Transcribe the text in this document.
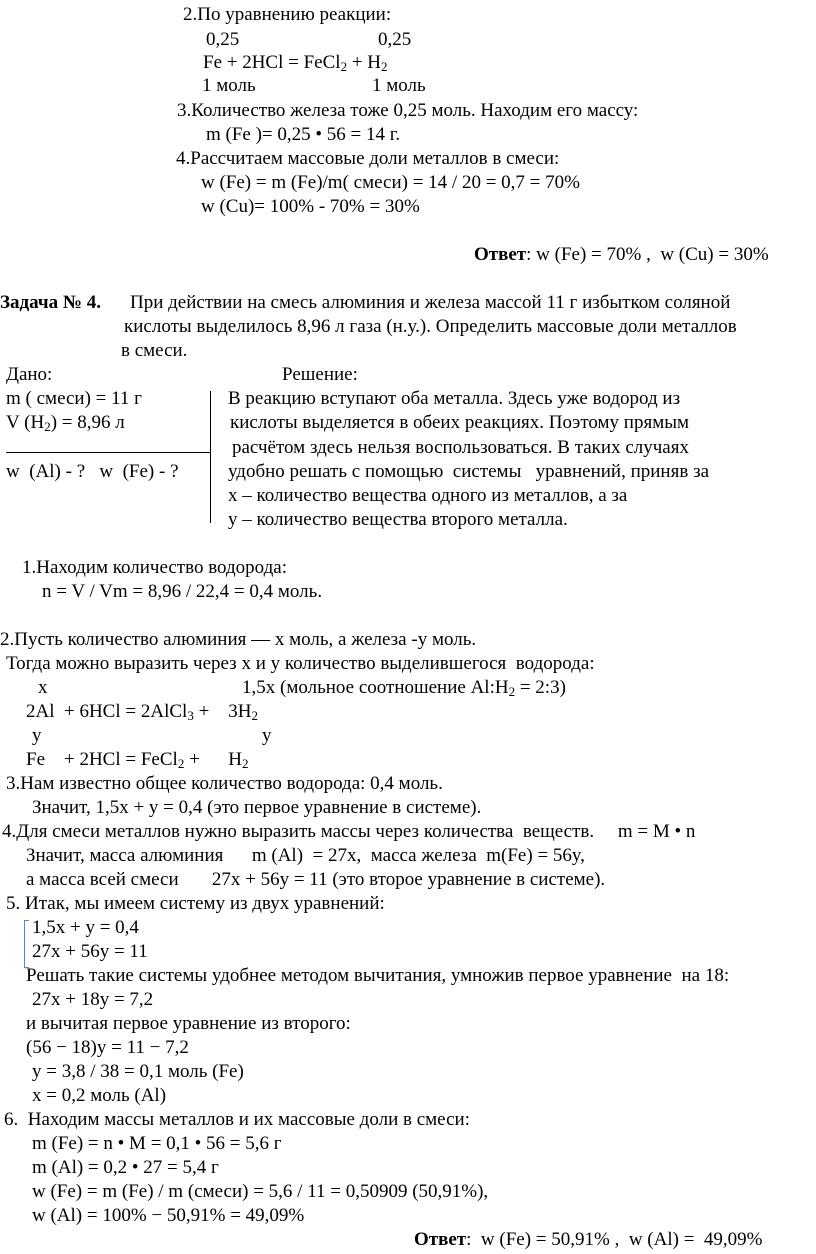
2.По уравнению реакции:
0,25	0,25
Fe + 2HCl = FeCl$_2$ + $H_2$
1 моль	1 моль
3.Количество железа тоже 0,25 моль. Находим его массу:
m (Fe )= 0,25 • 56 = 14 г.
4.Рассчитаем массовые доли металлов в смеси:
w (Fe) = m (Fe)/m( смеси) = 14 / 20 = 0,7 = 70%
w (Cu)= 100% - 70% = 30%
Ответ: w (Fe) = 70% ,  w (Cu) = 30%
Задача № 4. При действии на смесь алюминия и железа массой 11 г избытком соляной
кислоты выделилось 8,96 л газа (н.у.). Определить массовые доли металлов
в смеси.
Дано:	Решение:
m ( смеси) = 11 г
V $(H_2) = 8,96$ л
w  (Al) - ?   w  (Fe) - ?
В реакцию вступают оба металла. Здесь уже водород из
кислоты выделяется в обеих реакциях. Поэтому прямым
расчётом здесь нельзя воспользоваться. В таких случаях
удобно решать с помощью  системы   уравнений, приняв за
x – количество вещества одного из металлов, а за
y – количество вещества второго металла.
1.Находим количество водорода:
n = V / Vm = 8,96 / 22,4 = 0,4 моль.
2.Пусть количество алюминия — x моль, а железа -y моль.
Тогда можно выразить через x и y количество выделившегося  водорода:
x	1,5x (мольное соотношение $Al:H_2$ = 2:3)
2Al  + 6HCl = 2AlCl$_3$ +    $3H_2$
y	y
Fe    + 2HCl = FeCl$_2$ +      $H_2$
3.Нам известно общее количество водорода: 0,4 моль.
Значит, 1,5x + y = 0,4 (это первое уравнение в системе).
4.Для смеси металлов нужно выразить массы через количества  веществ.     m = M • n
Значит, масса алюминия      m (Al)  = 27x,  масса железа  m(Fe) = 56y,
а масса всей смеси       27x + 56y = 11 (это второе уравнение в системе).
5. Итак, мы имеем систему из двух уравнений:
1,5x + y = 0,4
27x + 56y = 11
Решать такие системы удобнее методом вычитания, умножив первое уравнение  на 18:
27x + 18y = 7,2
и вычитая первое уравнение из второго:
(56 − 18)y = 11 − 7,2
y = 3,8 / 38 = 0,1 моль (Fe)
x = 0,2 моль (Al)
6.  Находим массы металлов и их массовые доли в смеси:
m (Fe) = n • M = 0,1 • 56 = 5,6 г
m (Al) = 0,2 • 27 = 5,4 г
w (Fe) = m (Fe) / m (смеси) = 5,6 / 11 = 0,50909 (50,91%),
w (Al) = 100% − 50,91% = 49,09%
Ответ:  w (Fe) = 50,91% ,  w (Al) =  49,09%
